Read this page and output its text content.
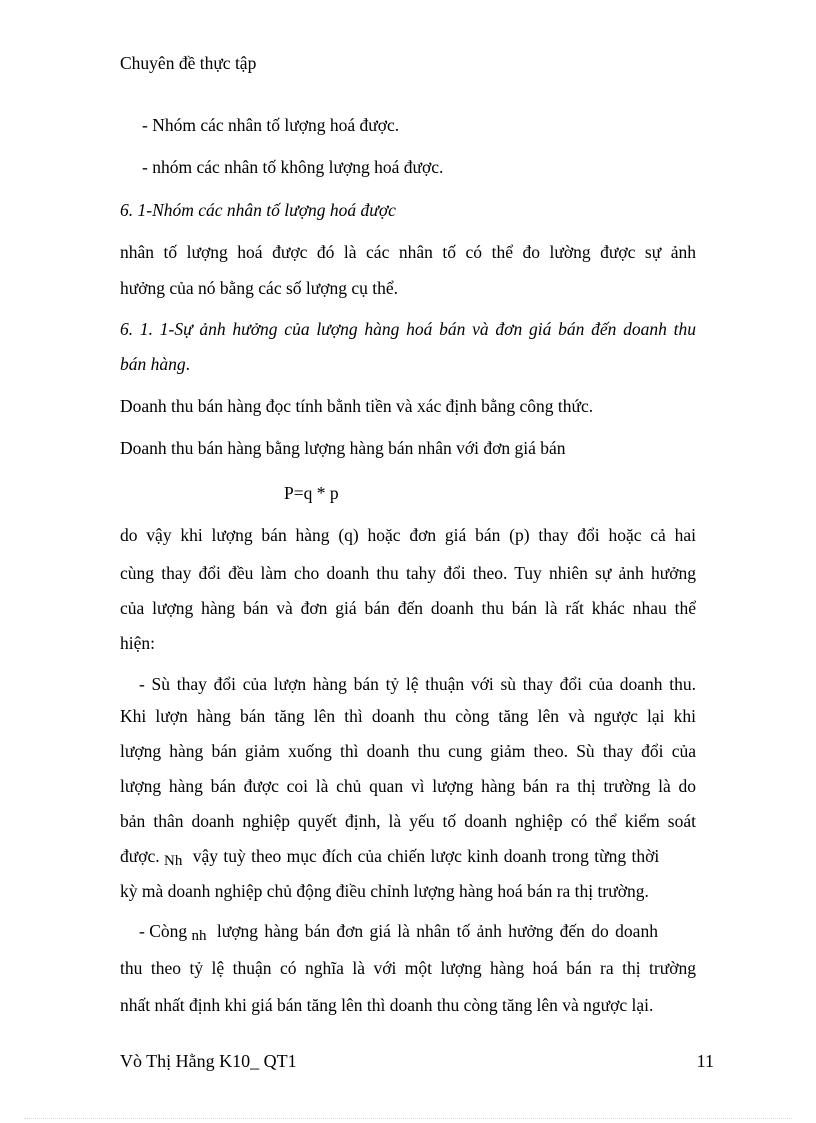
Chuyên đề thực tập
- Nhóm các nhân tố lượng hoá được.
- nhóm các nhân tố không lượng hoá được.
6. 1-Nhóm các nhân tố lượng hoá được
nhân tố lượng hoá được đó là các nhân tố có thể đo lường được sự ảnh
hưởng của nó bằng các số lượng cụ thể.
6. 1. 1-Sự ảnh hưởng của lượng hàng hoá bán và đơn giá bán đến doanh thu
bán hàng.
Doanh thu bán hàng đọc tính bằnh tiền và xác định bằng công thức.
Doanh thu bán hàng bằng lượng hàng bán nhân với đơn giá bán
P=q * p
do vậy khi lượng bán hàng (q) hoặc đơn giá bán (p) thay đổi hoặc cả hai
cùng thay đổi đều làm cho doanh thu tahy đổi theo. Tuy nhiên sự ảnh hưởng
của lượng hàng bán và đơn giá bán đến doanh thu bán là rất khác nhau thể
hiện:
- Sù thay đổi của lượn hàng bán tỷ lệ thuận với sù thay đổi của doanh thu.
Khi lượn hàng bán tăng lên thì doanh thu còng tăng lên và ngược lại khi
lượng hàng bán giảm xuống thì doanh thu cung giảm theo. Sù thay đổi của
lượng hàng bán được coi là chủ quan vì lượng hàng bán ra thị trường là do
bản thân doanh nghiệp quyết định, là yếu tố doanh nghiệp có thể kiểm soát
được. Nh vậy tuỳ theo mục đích của chiến lược kinh doanh trong từng thời
kỳ mà doanh nghiệp chủ động điều chỉnh lượng hàng hoá bán ra thị trường.
- Còng nh lượng hàng bán đơn giá là nhân tố ảnh hưởng đến do doanh
thu theo tỷ lệ thuận có nghĩa là với một lượng hàng hoá bán ra thị trường
nhất nhất định khi giá bán tăng lên thì doanh thu còng tăng lên và ngược lại.
Vò Thị Hằng K10_ QT1	11
